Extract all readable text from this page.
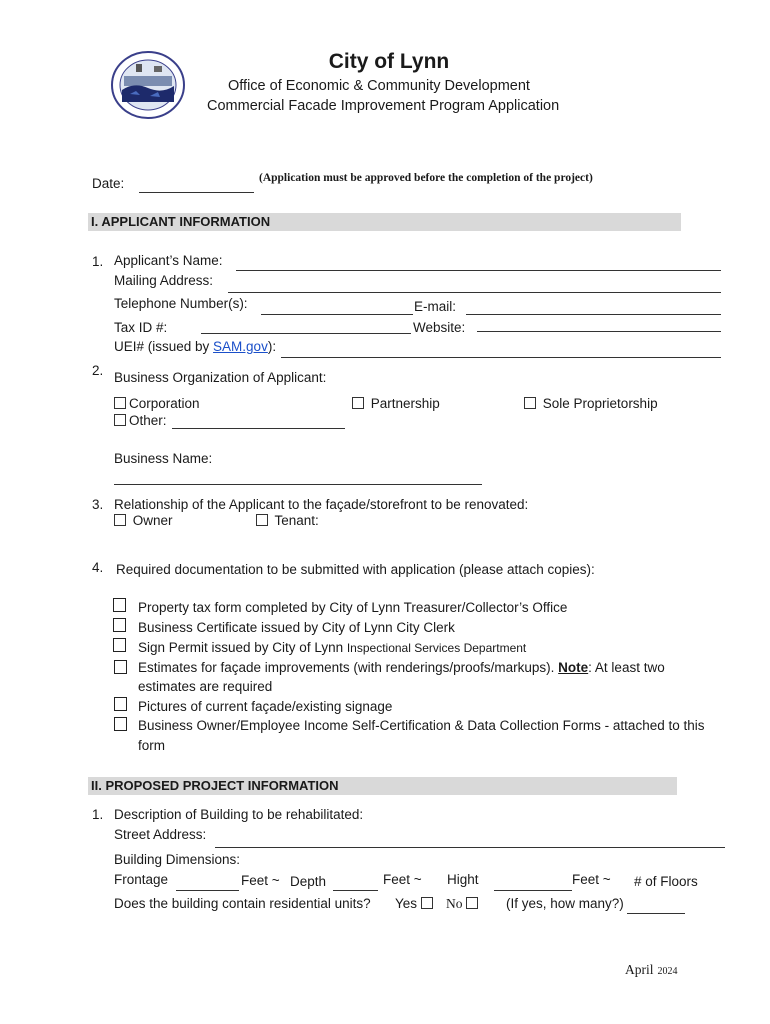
City of Lynn
Office of Economic & Community Development
Commercial Facade Improvement Program Application
Date:	(Application must be approved before the completion of the project)
I. APPLICANT INFORMATION
1. Applicant’s Name:
Mailing Address:
Telephone Number(s):	E-mail:
Tax ID #:	Website:
UEI# (issued by SAM.gov):
2. Business Organization of Applicant:
Corporation	Partnership	Sole Proprietorship
Other:
Business Name:
3. Relationship of the Applicant to the façade/storefront to be renovated:
Owner	Tenant:
4. Required documentation to be submitted with application (please attach copies):
Property tax form completed by City of Lynn Treasurer/Collector’s Office
Business Certificate issued by City of Lynn City Clerk
Sign Permit issued by City of Lynn Inspectional Services Department
Estimates for façade improvements (with renderings/proofs/markups). Note: At least two
estimates are required
Pictures of current façade/existing signage
Business Owner/Employee Income Self-Certification & Data Collection Forms - attached to this
form
II. PROPOSED PROJECT INFORMATION
1. Description of Building to be rehabilitated:
Street Address:
Building Dimensions:
Frontage	Feet ~ Depth	Feet ~ Hight	Feet ~ # of Floors
Does the building contain residential units? Yes	No	(If yes, how many?)
April 2024
